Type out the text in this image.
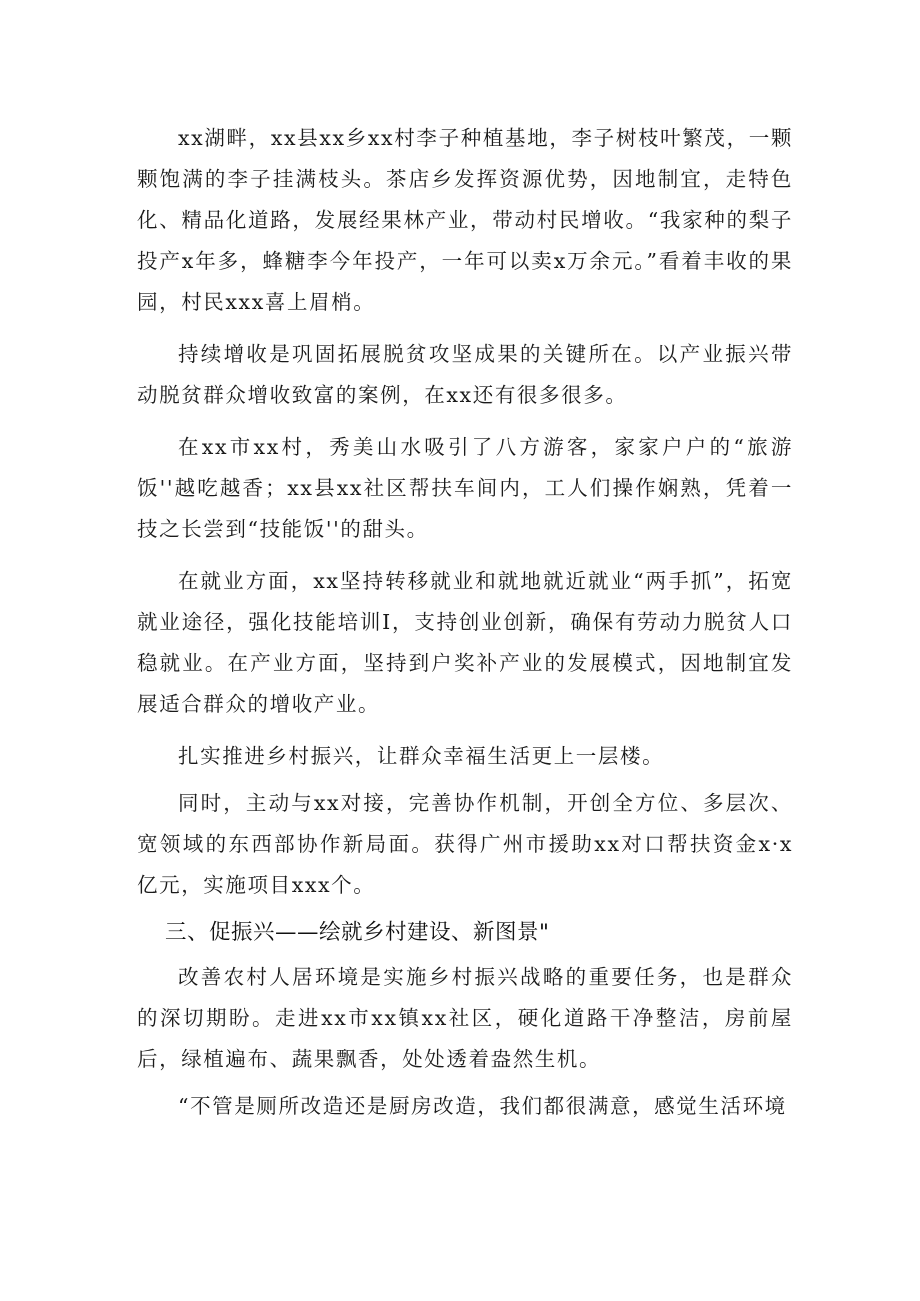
xx湖畔，xx县xx乡xx村李子种植基地，李子树枝叶繁茂，一颗颗饱满的李子挂满枝头。茶店乡发挥资源优势，因地制宜，走特色化、精品化道路，发展经果林产业，带动村民增收。“我家种的梨子投产x年多，蜂糖李今年投产，一年可以卖x万余元。”看着丰收的果园，村民xxx喜上眉梢。

持续增收是巩固拓展脱贫攻坚成果的关键所在。以产业振兴带动脱贫群众增收致富的案例，在xx还有很多很多。

在xx市xx村，秀美山水吸引了八方游客，家家户户的“旅游饭''越吃越香；xx县xx社区帮扶车间内，工人们操作娴熟，凭着一技之长尝到“技能饭''的甜头。

在就业方面，xx坚持转移就业和就地就近就业“两手抓”，拓宽就业途径，强化技能培训I，支持创业创新，确保有劳动力脱贫人口稳就业。在产业方面，坚持到户奖补产业的发展模式，因地制宜发展适合群众的增收产业。

扎实推进乡村振兴，让群众幸福生活更上一层楼。

同时，主动与xx对接，完善协作机制，开创全方位、多层次、宽领域的东西部协作新局面。获得广州市援助xx对口帮扶资金x·x亿元，实施项目xxx个。

三、促振兴——绘就乡村建设、新图景"

改善农村人居环境是实施乡村振兴战略的重要任务，也是群众的深切期盼。走进xx市xx镇xx社区，硬化道路干净整洁，房前屋后，绿植遍布、蔬果飘香，处处透着盎然生机。

“不管是厕所改造还是厨房改造，我们都很满意，感觉生活环境
